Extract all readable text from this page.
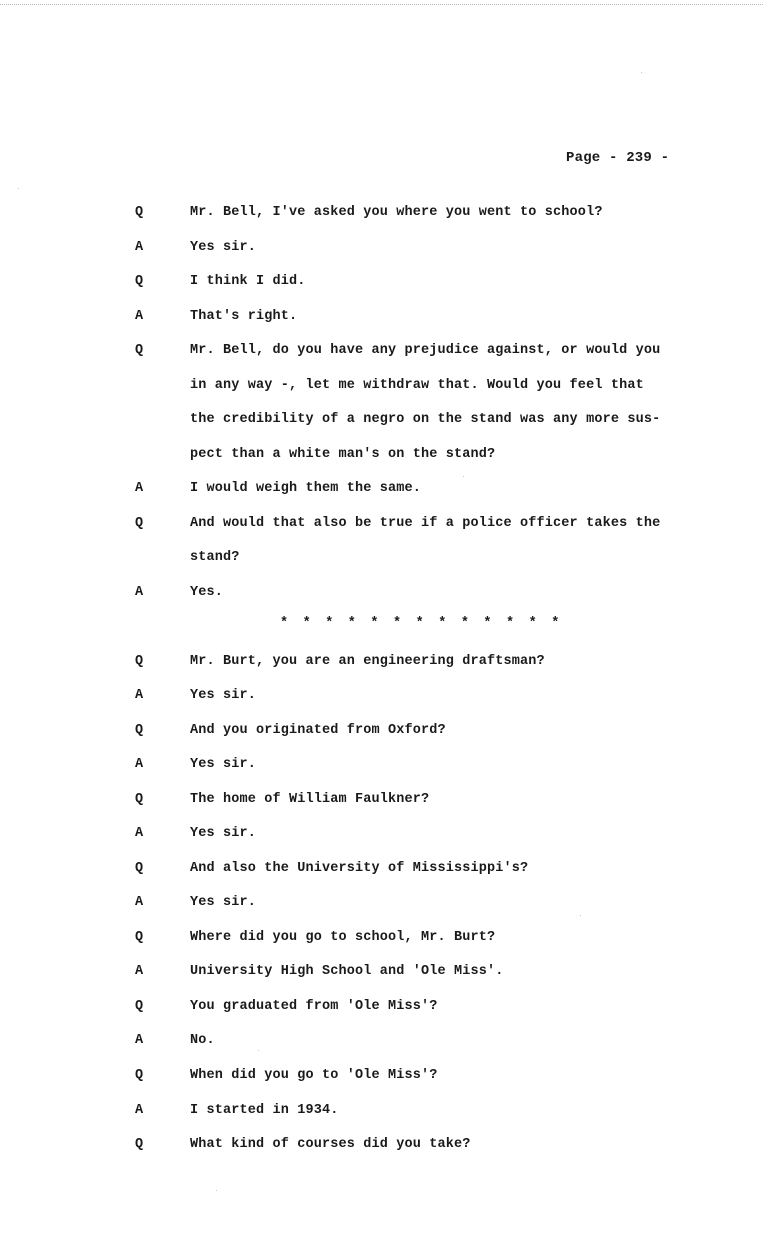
Page - 239 -
Q	Mr. Bell, I've asked you where you went to school?
A	Yes sir.
Q	I think I did.
A	That's right.
Q	Mr. Bell, do you have any prejudice against, or would you
in any way -, let me withdraw that. Would you feel that
the credibility of a negro on the stand was any more sus-
pect than a white man's on the stand?
A	I would weigh them the same.
Q	And would that also be true if a police officer takes the
stand?
A	Yes.
Q	Mr. Burt, you are an engineering draftsman?
A	Yes sir.
Q	And you originated from Oxford?
A	Yes sir.
Q	The home of William Faulkner?
A	Yes sir.
Q	And also the University of Mississippi's?
A	Yes sir.
Q	Where did you go to school, Mr. Burt?
A	University High School and 'Ole Miss'.
Q	You graduated from 'Ole Miss'?
A	No.
Q	When did you go to 'Ole Miss'?
A	I started in 1934.
Q	What kind of courses did you take?
* * * * * * * * * * * * *
